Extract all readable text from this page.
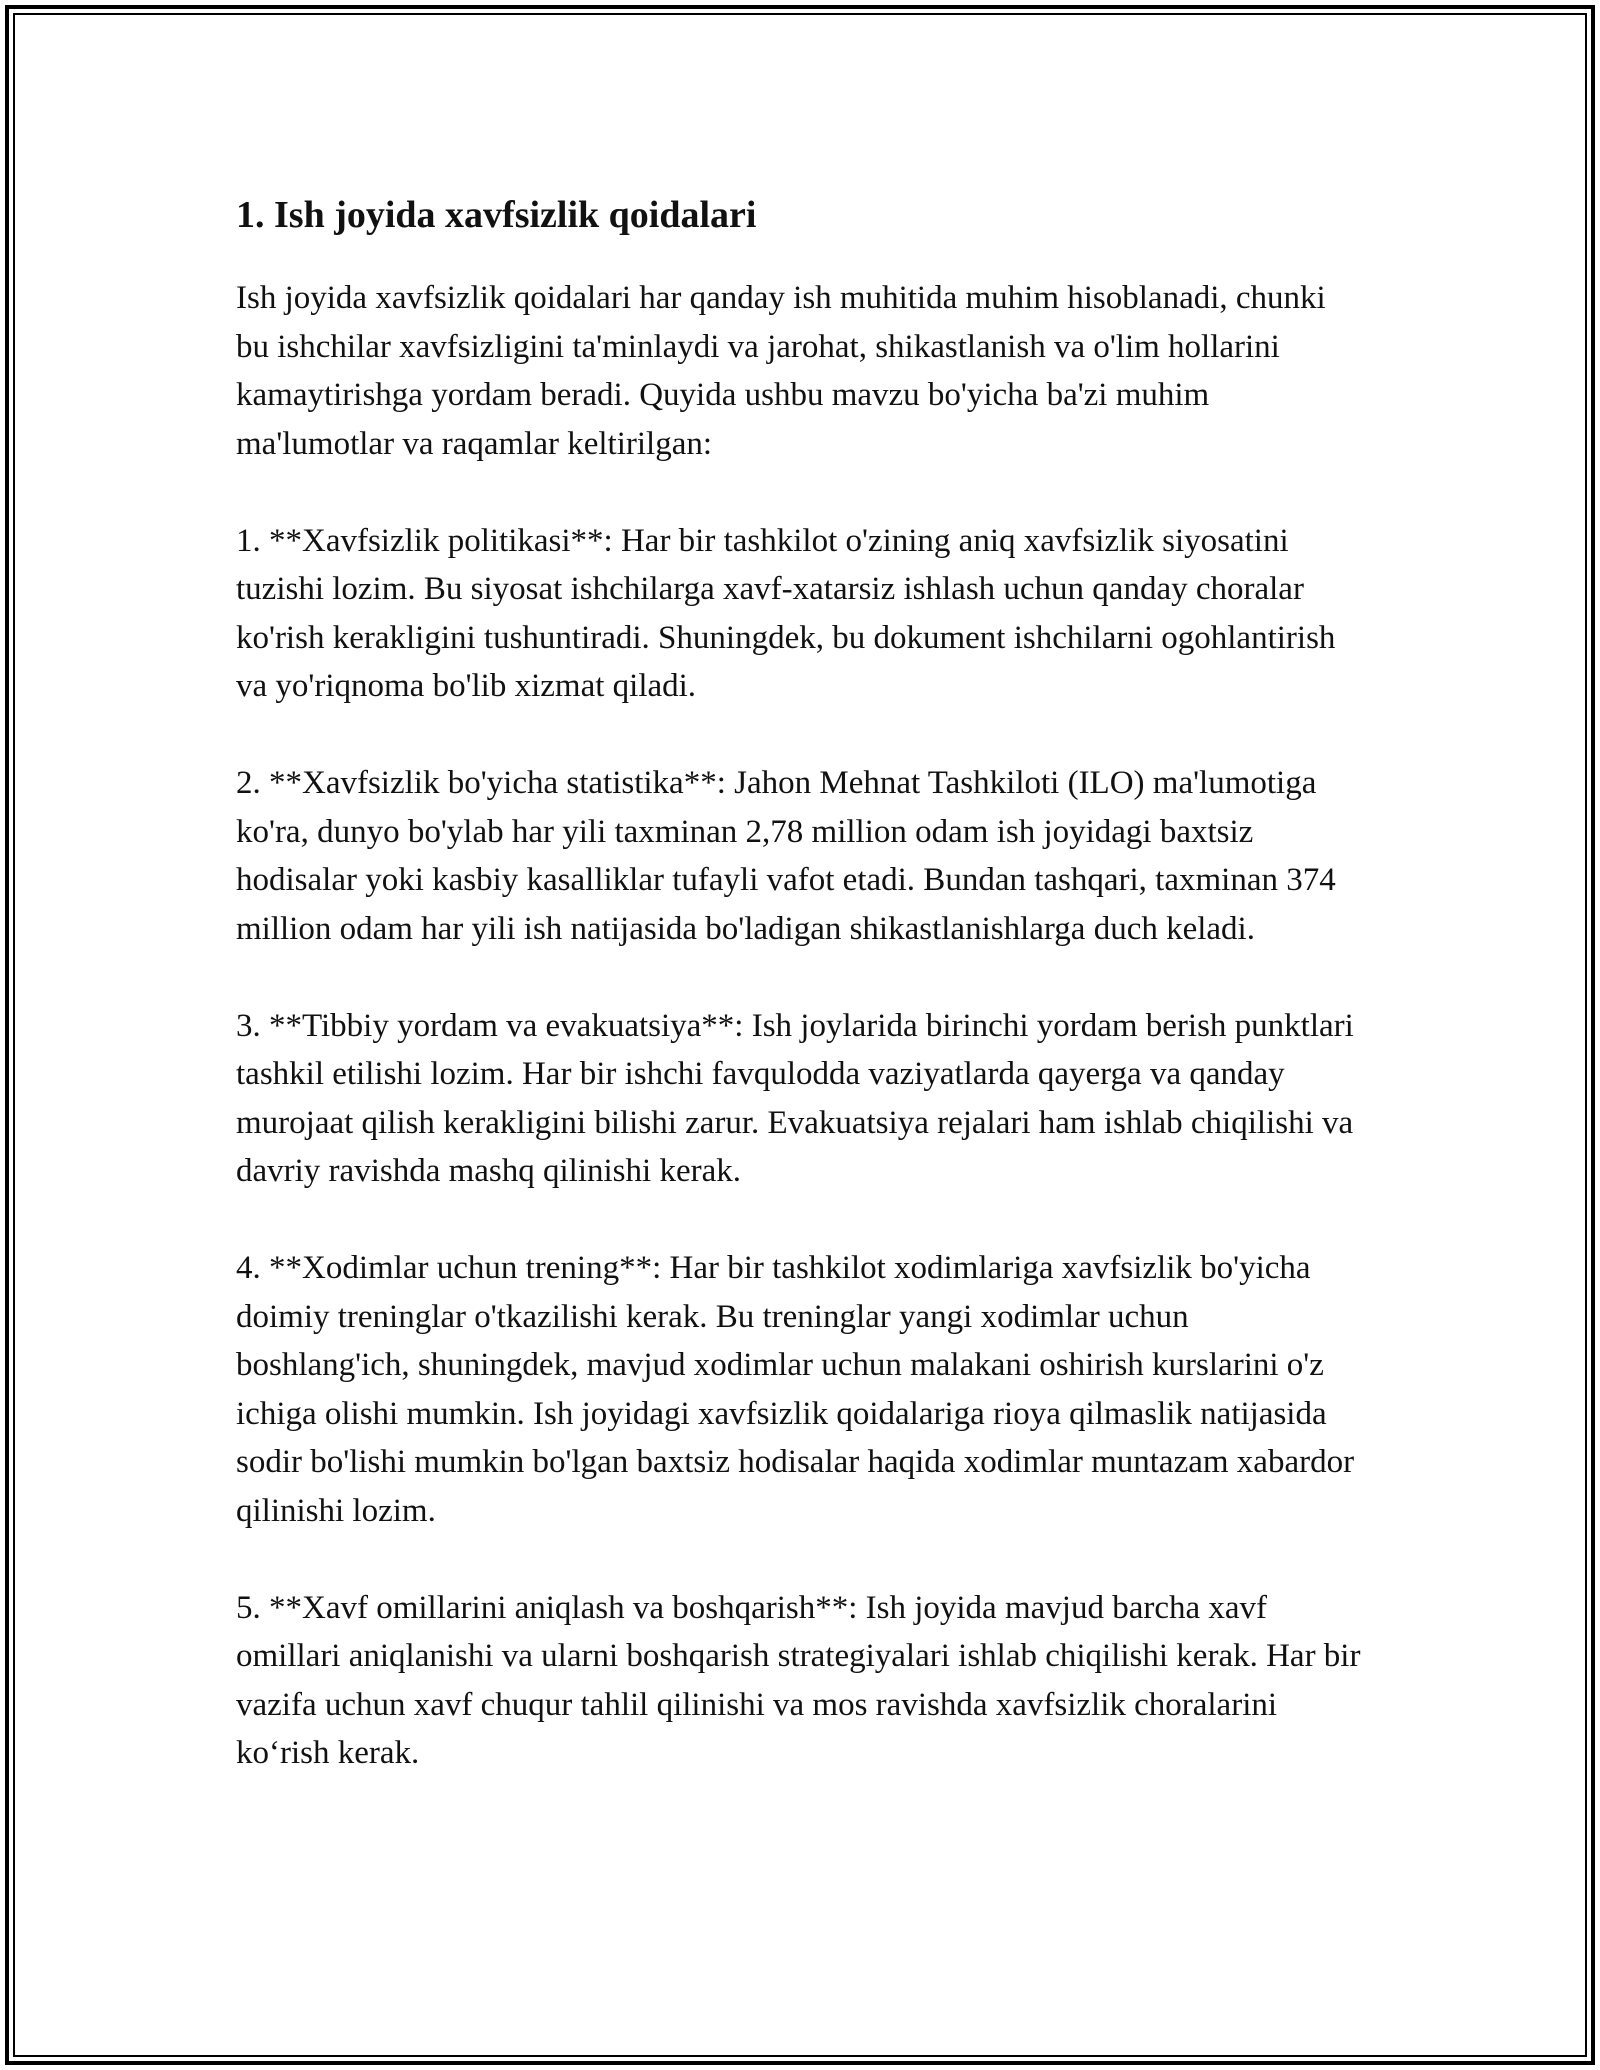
1. Ish joyida xavfsizlik qoidalari

Ish joyida xavfsizlik qoidalari har qanday ish muhitida muhim hisoblanadi, chunki bu ishchilar xavfsizligini ta'minlaydi va jarohat, shikastlanish va o'lim hollarini kamaytirishga yordam beradi. Quyida ushbu mavzu bo'yicha ba'zi muhim ma'lumotlar va raqamlar keltirilgan:

1. **Xavfsizlik politikasi**: Har bir tashkilot o'zining aniq xavfsizlik siyosatini tuzishi lozim. Bu siyosat ishchilarga xavf-xatarsiz ishlash uchun qanday choralar ko'rish kerakligini tushuntiradi. Shuningdek, bu dokument ishchilarni ogohlantirish va yo'riqnoma bo'lib xizmat qiladi.

2. **Xavfsizlik bo'yicha statistika**: Jahon Mehnat Tashkiloti (ILO) ma'lumotiga ko'ra, dunyo bo'ylab har yili taxminan 2,78 million odam ish joyidagi baxtsiz hodisalar yoki kasbiy kasalliklar tufayli vafot etadi. Bundan tashqari, taxminan 374 million odam har yili ish natijasida bo'ladigan shikastlanishlarga duch keladi.

3. **Tibbiy yordam va evakuatsiya**: Ish joylarida birinchi yordam berish punktlari tashkil etilishi lozim. Har bir ishchi favqulodda vaziyatlarda qayerga va qanday murojaat qilish kerakligini bilishi zarur. Evakuatsiya rejalari ham ishlab chiqilishi va davriy ravishda mashq qilinishi kerak.

4. **Xodimlar uchun trening**: Har bir tashkilot xodimlariga xavfsizlik bo'yicha doimiy treninglar o'tkazilishi kerak. Bu treninglar yangi xodimlar uchun boshlang'ich, shuningdek, mavjud xodimlar uchun malakani oshirish kurslarini o'z ichiga olishi mumkin. Ish joyidagi xavfsizlik qoidalariga rioya qilmaslik natijasida sodir bo'lishi mumkin bo'lgan baxtsiz hodisalar haqida xodimlar muntazam xabardor qilinishi lozim.

5. **Xavf omillarini aniqlash va boshqarish**: Ish joyida mavjud barcha xavf omillari aniqlanishi va ularni boshqarish strategiyalari ishlab chiqilishi kerak. Har bir vazifa uchun xavf chuqur tahlil qilinishi va mos ravishda xavfsizlik choralarini ko‘rish kerak.
